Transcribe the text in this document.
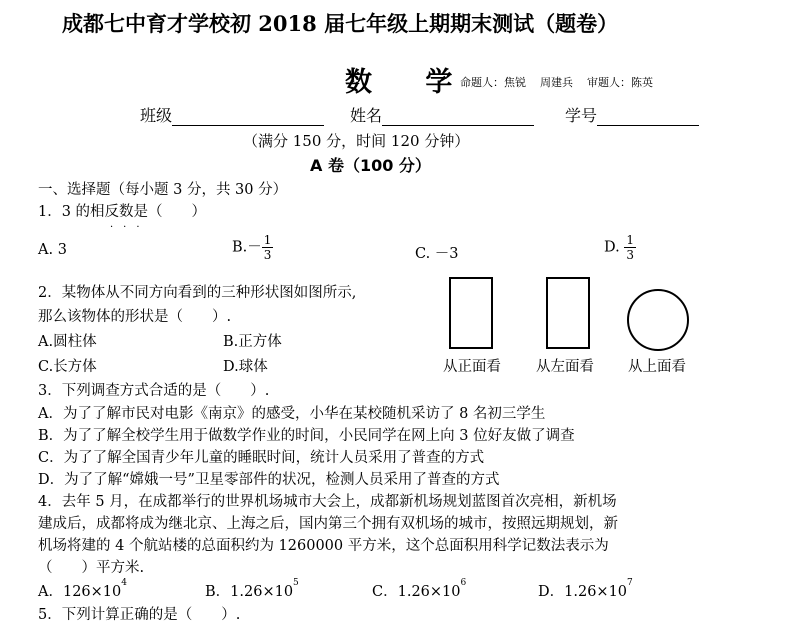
成都七中育才学校初 2018 届七年级上期期末测试（题卷）
数 学
命题人：焦锐 周建兵 审题人：陈英
班级	姓名	学号
（满分 150 分，时间 120 分钟）
A 卷（100 分）
一、选择题（每小题 3 分，共 30 分）
1．3 的相反数是（　　）
···
A. 3	$B.- \frac{1}{3}$	C. －3	D. $\frac{1}{3}$
2．某物体从不同方向看到的三种形状图如图所示,
那么该物体的形状是（　　）.
A.圆柱体	B.正方体
C.长方体	D.球体	从正面看 从左面看 从上面看
3．下列调查方式合适的是（　　）.
A．为了了解市民对电影《南京》的感受，小华在某校随机采访了 8 名初三学生
B．为了了解全校学生用于做数学作业的时间，小民同学在网上向 3 位好友做了调查
C．为了了解全国青少年儿童的睡眠时间，统计人员采用了普查的方式
D．为了了解“嫦娥一号”卫星零部件的状况，检测人员采用了普查的方式
4．去年 5 月，在成都举行的世界机场城市大会上，成都新机场规划蓝图首次亮相，新机场
建成后，成都将成为继北京、上海之后，国内第三个拥有双机场的城市，按照远期规划，新
机场将建的 4 个航站楼的总面积约为 1260000 平方米，这个总面积用科学记数法表示为
（　　）平方米.
A．$126\times 10^4$
B．$1.26\times 10^5$
C．$1.26\times 10^6$
D．$1.26\times 10^7$
5．下列计算正确的是（　　）.
